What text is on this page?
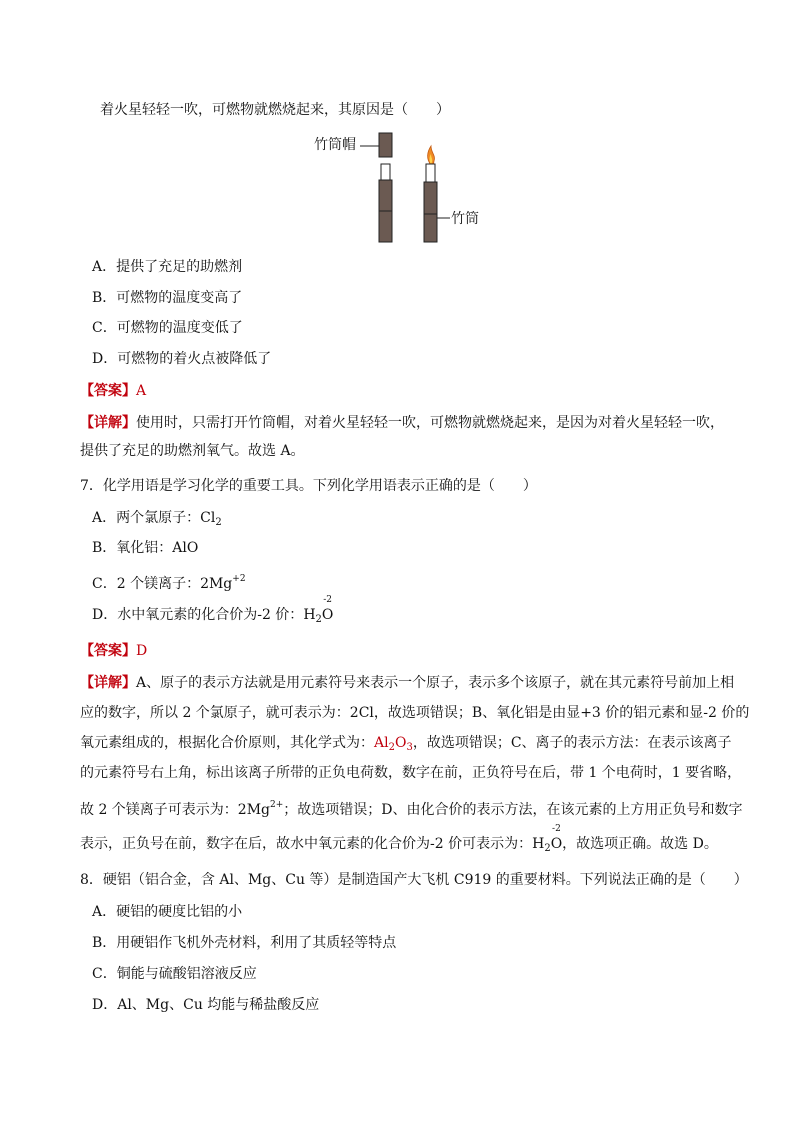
着火星轻轻一吹，可燃物就燃烧起来，其原因是（　　）
竹筒帽
竹筒
A．提供了充足的助燃剂
B．可燃物的温度变高了
C．可燃物的温度变低了
D．可燃物的着火点被降低了
【答案】A
【详解】使用时，只需打开竹筒帽，对着火星轻轻一吹，可燃物就燃烧起来，是因为对着火星轻轻一吹，
提供了充足的助燃剂氧气。故选 A。
7．化学用语是学习化学的重要工具。下列化学用语表示正确的是（　　）
A．两个氯原子：$Cl_2$
B．氧化铝：AlO
C．2 个镁离子：$2Mg^{+2}$
D．水中氧元素的化合价为-2 价：$H_2$
-2
O
【答案】D
【详解】A、原子的表示方法就是用元素符号来表示一个原子，表示多个该原子，就在其元素符号前加上相
应的数字，所以 2 个氯原子，就可表示为：2Cl，故选项错误；B、氧化铝是由显+3 价的铝元素和显-2 价的
氧元素组成的，根据化合价原则，其化学式为：$Al_2O_3$，故选项错误；C、离子的表示方法：在表示该离子
的元素符号右上角，标出该离子所带的正负电荷数，数字在前，正负符号在后，带 1 个电荷时，1 要省略，
故 2 个镁离子可表示为：$2Mg^{2+}$；故选项错误；D、由化合价的表示方法，在该元素的上方用正负号和数字
表示，正负号在前，数字在后，故水中氧元素的化合价为-2 价可表示为：$H_2$
-2
O，故选项正确。故选 D。
8．硬铝（铝合金，含 Al、Mg、Cu 等）是制造国产大飞机 C919 的重要材料。下列说法正确的是（　　）
A．硬铝的硬度比铝的小
B．用硬铝作飞机外壳材料，利用了其质轻等特点
C．铜能与硫酸铝溶液反应
D．Al、Mg、Cu 均能与稀盐酸反应
